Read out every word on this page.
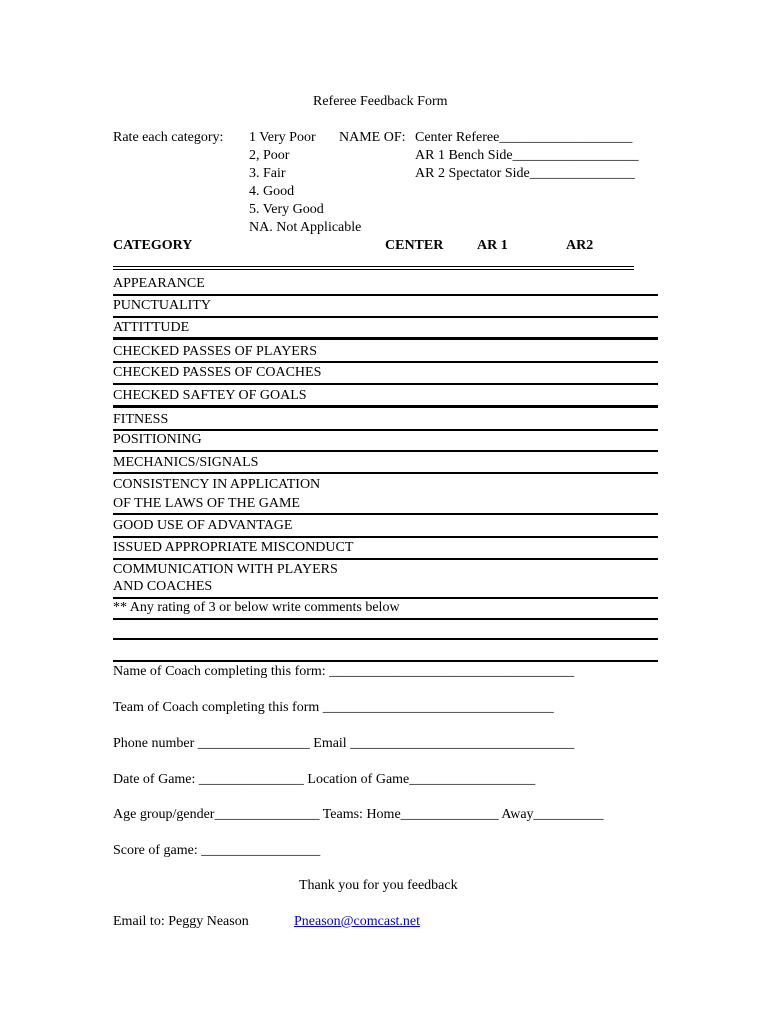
Referee Feedback Form
Rate each category: 1 Very Poor
2, Poor
3. Fair
4. Good
5. Very Good
NA. Not Applicable
NAME OF: Center Referee___________________
AR 1 Bench Side__________________
AR 2 Spectator Side_______________
CATEGORY	CENTER AR 1	AR2
APPEARANCE
PUNCTUALITY
ATTITTUDE
CHECKED PASSES OF PLAYERS
CHECKED PASSES OF COACHES
CHECKED SAFTEY OF GOALS
FITNESS
POSITIONING
MECHANICS/SIGNALS
CONSISTENCY IN APPLICATION
OF THE LAWS OF THE GAME
GOOD USE OF ADVANTAGE
ISSUED APPROPRIATE MISCONDUCT
COMMUNICATION WITH PLAYERS
AND COACHES
** Any rating of 3 or below write comments below
Name of Coach completing this form: ___________________________________
Team of Coach completing this form _________________________________
Phone number ________________ Email ________________________________
Date of Game: _______________ Location of Game__________________
Age group/gender_______________ Teams: Home______________ Away__________
Score of game: _________________
Thank you for you feedback
Email to: Peggy Neason	Pneason@comcast.net
